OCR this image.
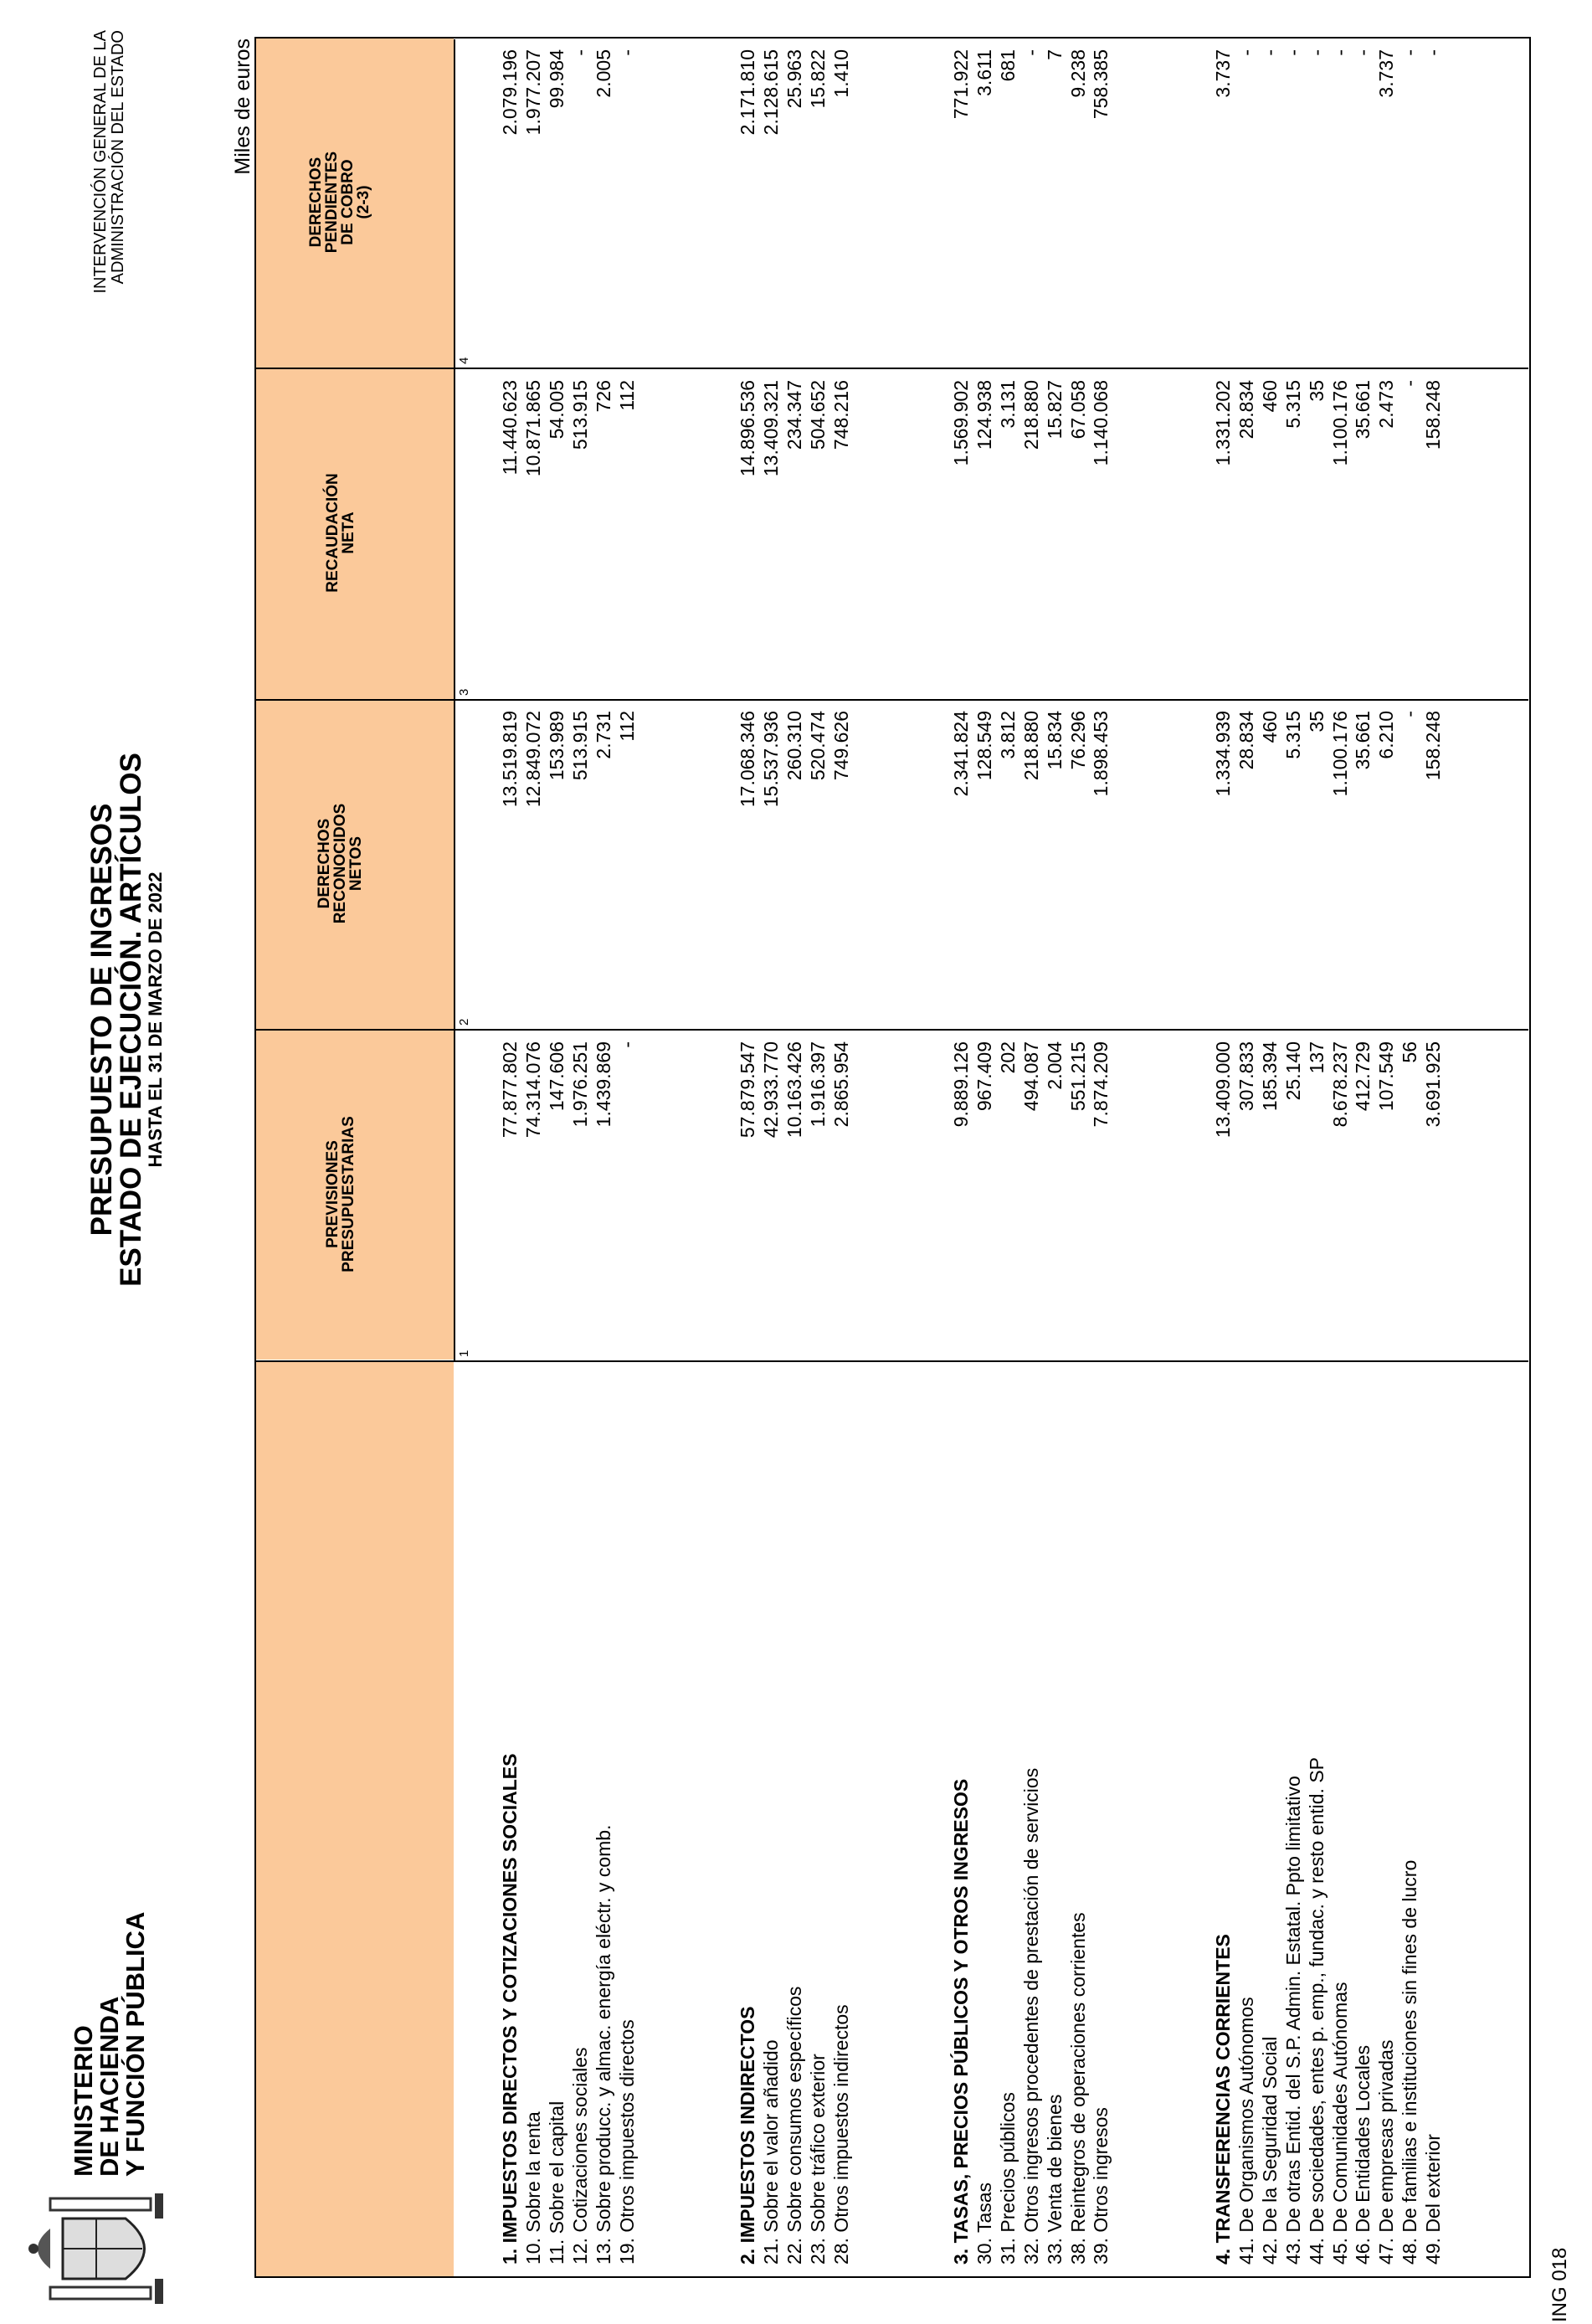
MINISTERIO
DE HACIENDA
Y FUNCIÓN PÚBLICA
PRESUPUESTO DE INGRESOS
ESTADO DE EJECUCIÓN. ARTÍCULOS
HASTA EL 31 DE MARZO DE 2022
INTERVENCIÓN GENERAL DE LA ADMINISTRACIÓN DEL ESTADO	Miles de euros
PREVISIONES
PRESUPUESTARIAS
DERECHOS
RECONOCIDOS
NETOS
RECAUDACIÓN
NETA
DERECHOS
PENDIENTES
DE COBRO
(2-3)
1
2
3
4
1. IMPUESTOS DIRECTOS Y COTIZACIONES SOCIALES
77.877.802
13.519.819
11.440.623
2.079.196
10. Sobre la renta
74.314.076
12.849.072
10.871.865
1.977.207
11. Sobre el capital
147.606
153.989
54.005
99.984
12. Cotizaciones sociales
1.976.251
513.915
513.915
-
13. Sobre producc. y almac. energía eléctr. y comb.
1.439.869
2.731
726
2.005
19. Otros impuestos directos
-
112
112
-
2. IMPUESTOS INDIRECTOS
57.879.547
17.068.346
14.896.536
2.171.810
21. Sobre el valor añadido
42.933.770
15.537.936
13.409.321
2.128.615
22. Sobre consumos específicos
10.163.426
260.310
234.347
25.963
23. Sobre tráfico exterior
1.916.397
520.474
504.652
15.822
28. Otros impuestos indirectos
2.865.954
749.626
748.216
1.410
3. TASAS, PRECIOS PÚBLICOS Y OTROS INGRESOS
9.889.126
2.341.824
1.569.902
771.922
30. Tasas
967.409
128.549
124.938
3.611
31. Precios públicos
202
3.812
3.131
681
32. Otros ingresos procedentes de prestación de servicios
494.087
218.880
218.880
-
33. Venta de bienes
2.004
15.834
15.827
7
38. Reintegros de operaciones corrientes
551.215
76.296
67.058
9.238
39. Otros ingresos
7.874.209
1.898.453
1.140.068
758.385
4. TRANSFERENCIAS CORRIENTES
13.409.000
1.334.939
1.331.202
3.737
41. De Organismos Autónomos
307.833
28.834
28.834
-
42. De la Seguridad Social
185.394
460
460
-
43. De otras Entid. del S.P. Admin. Estatal. Ppto limitativo
25.140
5.315
5.315
-
44. De sociedades, entes p. emp., fundac. y resto entid. SP
137
35
35
-
45. De Comunidades Autónomas
8.678.237
1.100.176
1.100.176
-
46. De Entidades Locales
412.729
35.661
35.661
-
47. De empresas privadas
107.549
6.210
2.473
3.737
48. De familias e instituciones sin fines de lucro
56
-
-
-
49. Del exterior
3.691.925
158.248
158.248
-
ING 018
